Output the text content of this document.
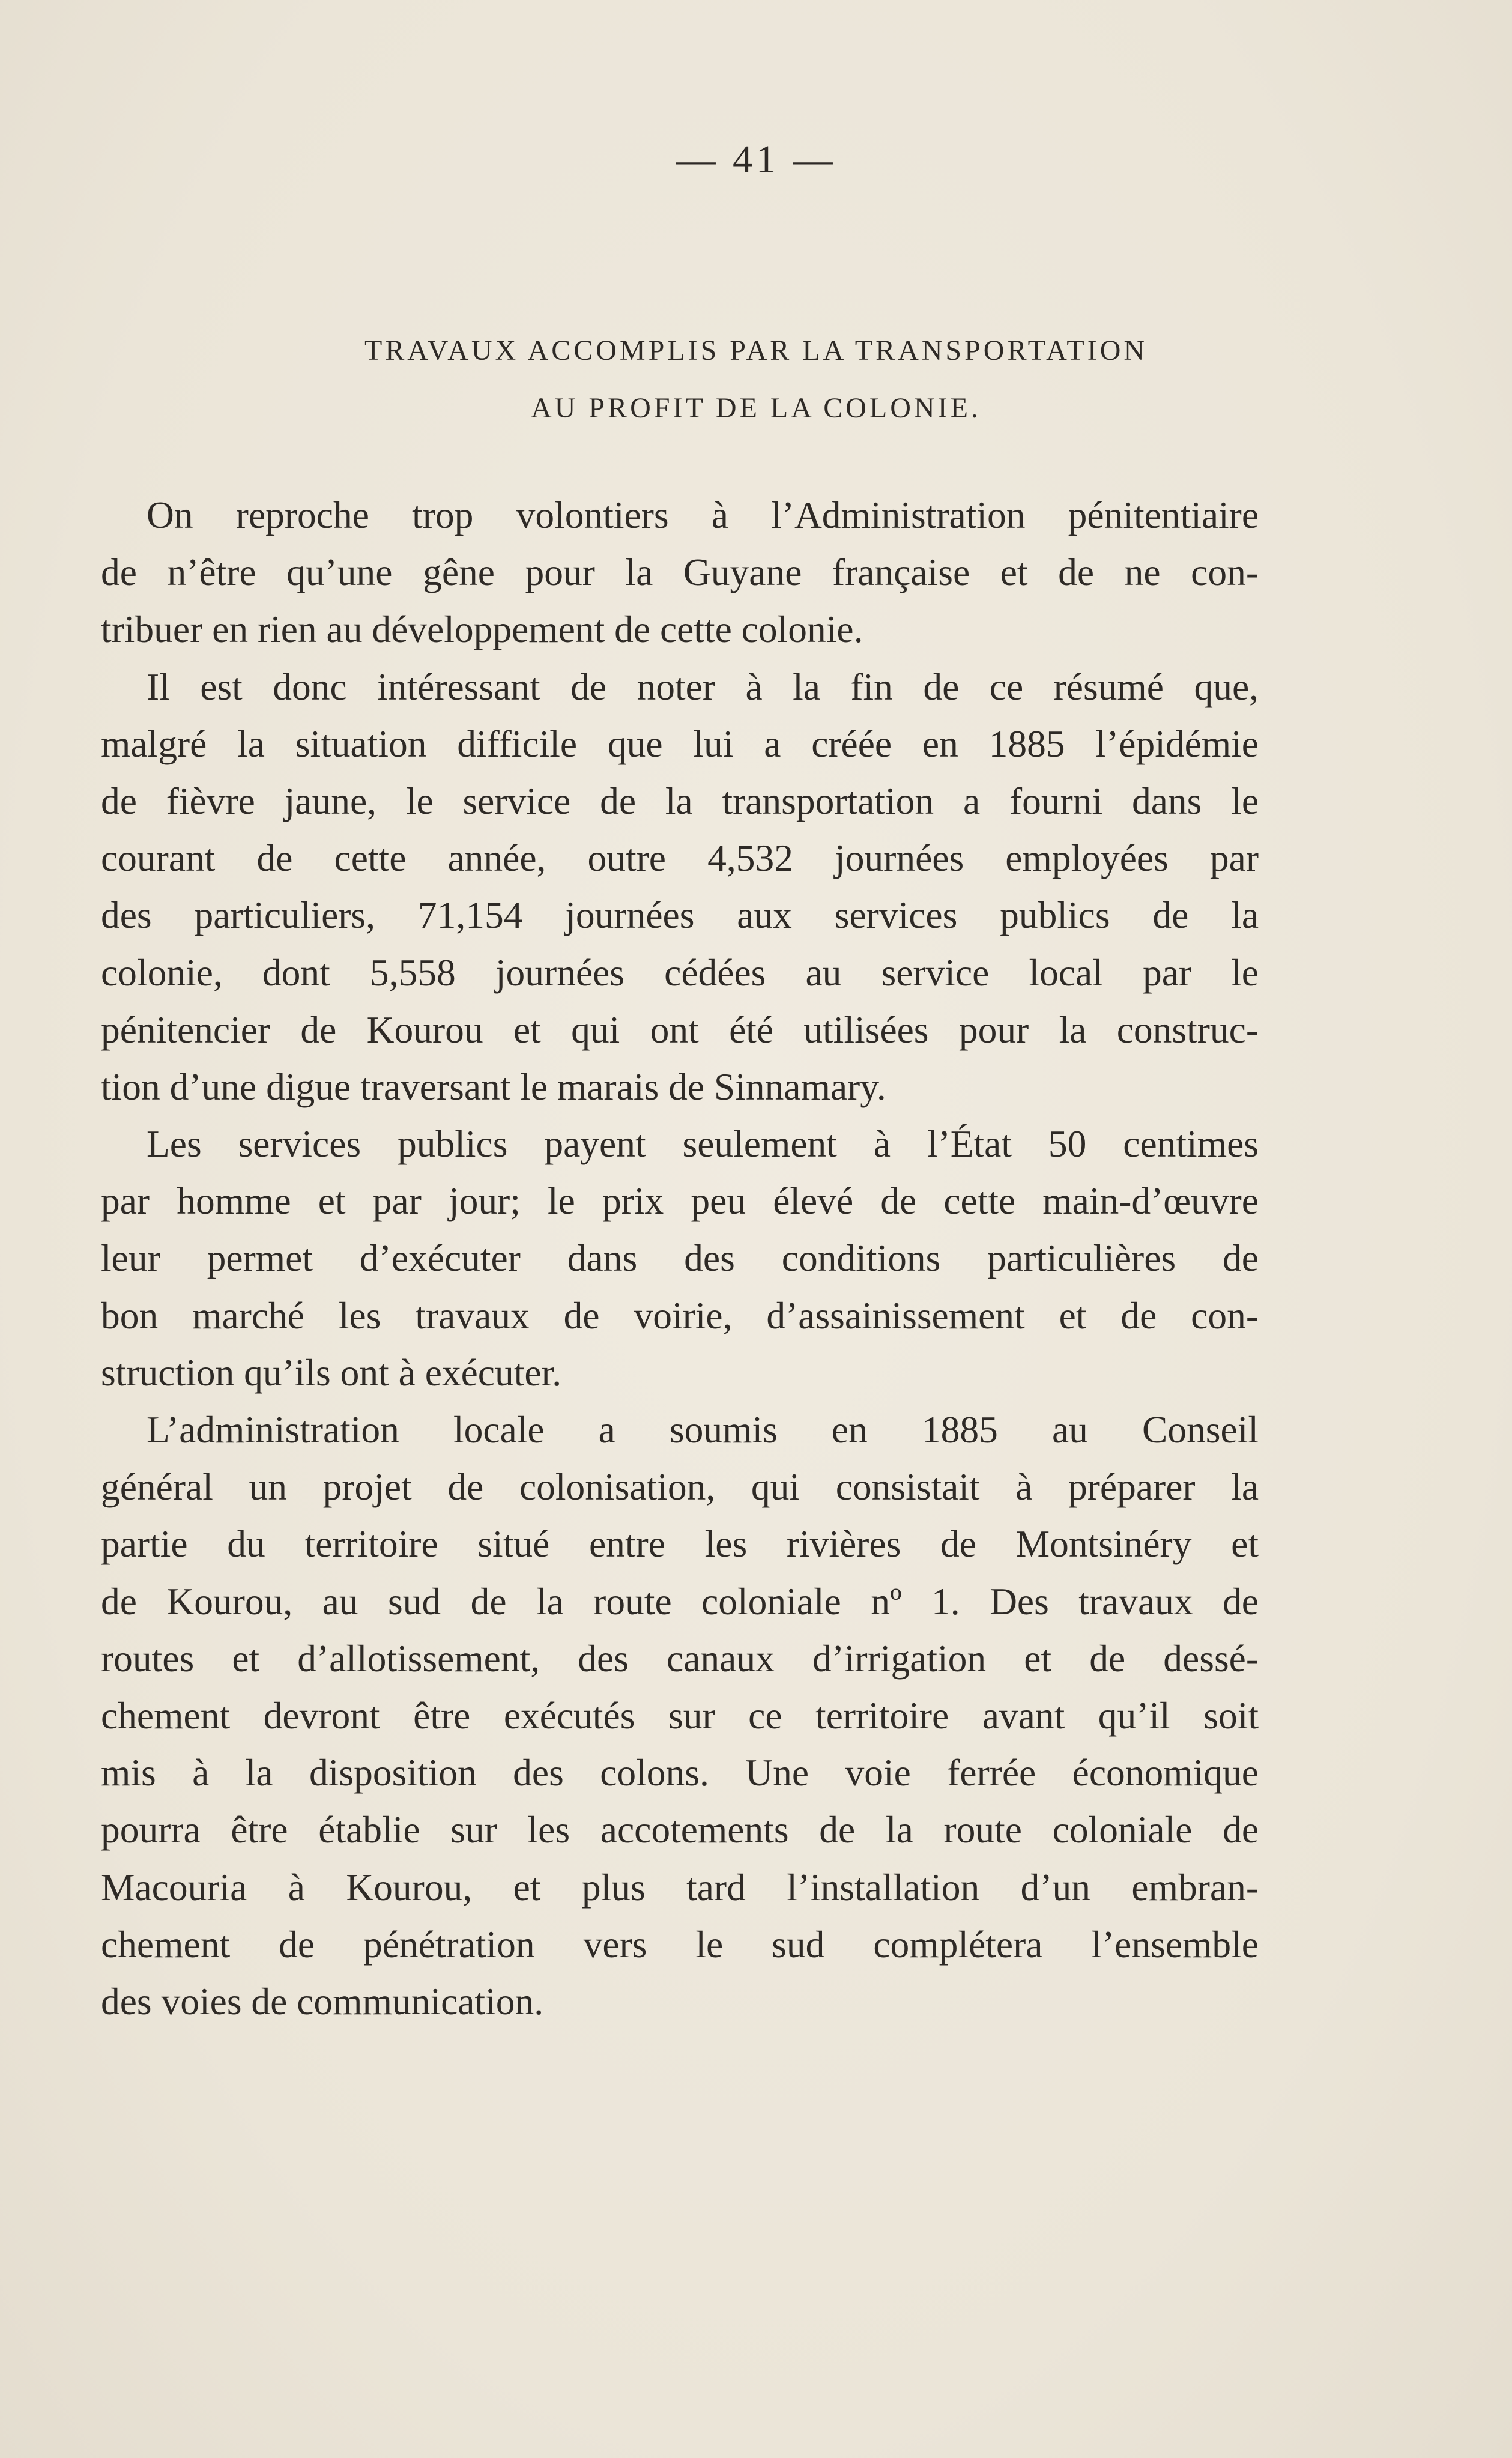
— 41 —
TRAVAUX ACCOMPLIS PAR LA TRANSPORTATION
AU PROFIT DE LA COLONIE.
On reproche trop volontiers à l’Administration pénitentiaire
de n’être qu’une gêne pour la Guyane française et de ne con-
tribuer en rien au développement de cette colonie.
Il est donc intéressant de noter à la fin de ce résumé que,
malgré la situation difficile que lui a créée en 1885 l’épidémie
de fièvre jaune, le service de la transportation a fourni dans le
courant de cette année, outre 4,532 journées employées par
des particuliers, 71,154 journées aux services publics de la
colonie, dont 5,558 journées cédées au service local par le
pénitencier de Kourou et qui ont été utilisées pour la construc-
tion d’une digue traversant le marais de Sinnamary.
Les services publics payent seulement à l’État 50 centimes
par homme et par jour; le prix peu élevé de cette main-d’œuvre
leur permet d’exécuter dans des conditions particulières de
bon marché les travaux de voirie, d’assainissement et de con-
struction qu’ils ont à exécuter.
L’administration locale a soumis en 1885 au Conseil
général un projet de colonisation, qui consistait à préparer la
partie du territoire situé entre les rivières de Montsinéry et
de Kourou, au sud de la route coloniale nº 1. Des travaux de
routes et d’allotissement, des canaux d’irrigation et de dessé-
chement devront être exécutés sur ce territoire avant qu’il soit
mis à la disposition des colons. Une voie ferrée économique
pourra être établie sur les accotements de la route coloniale de
Macouria à Kourou, et plus tard l’installation d’un embran-
chement de pénétration vers le sud complétera l’ensemble
des voies de communication.
